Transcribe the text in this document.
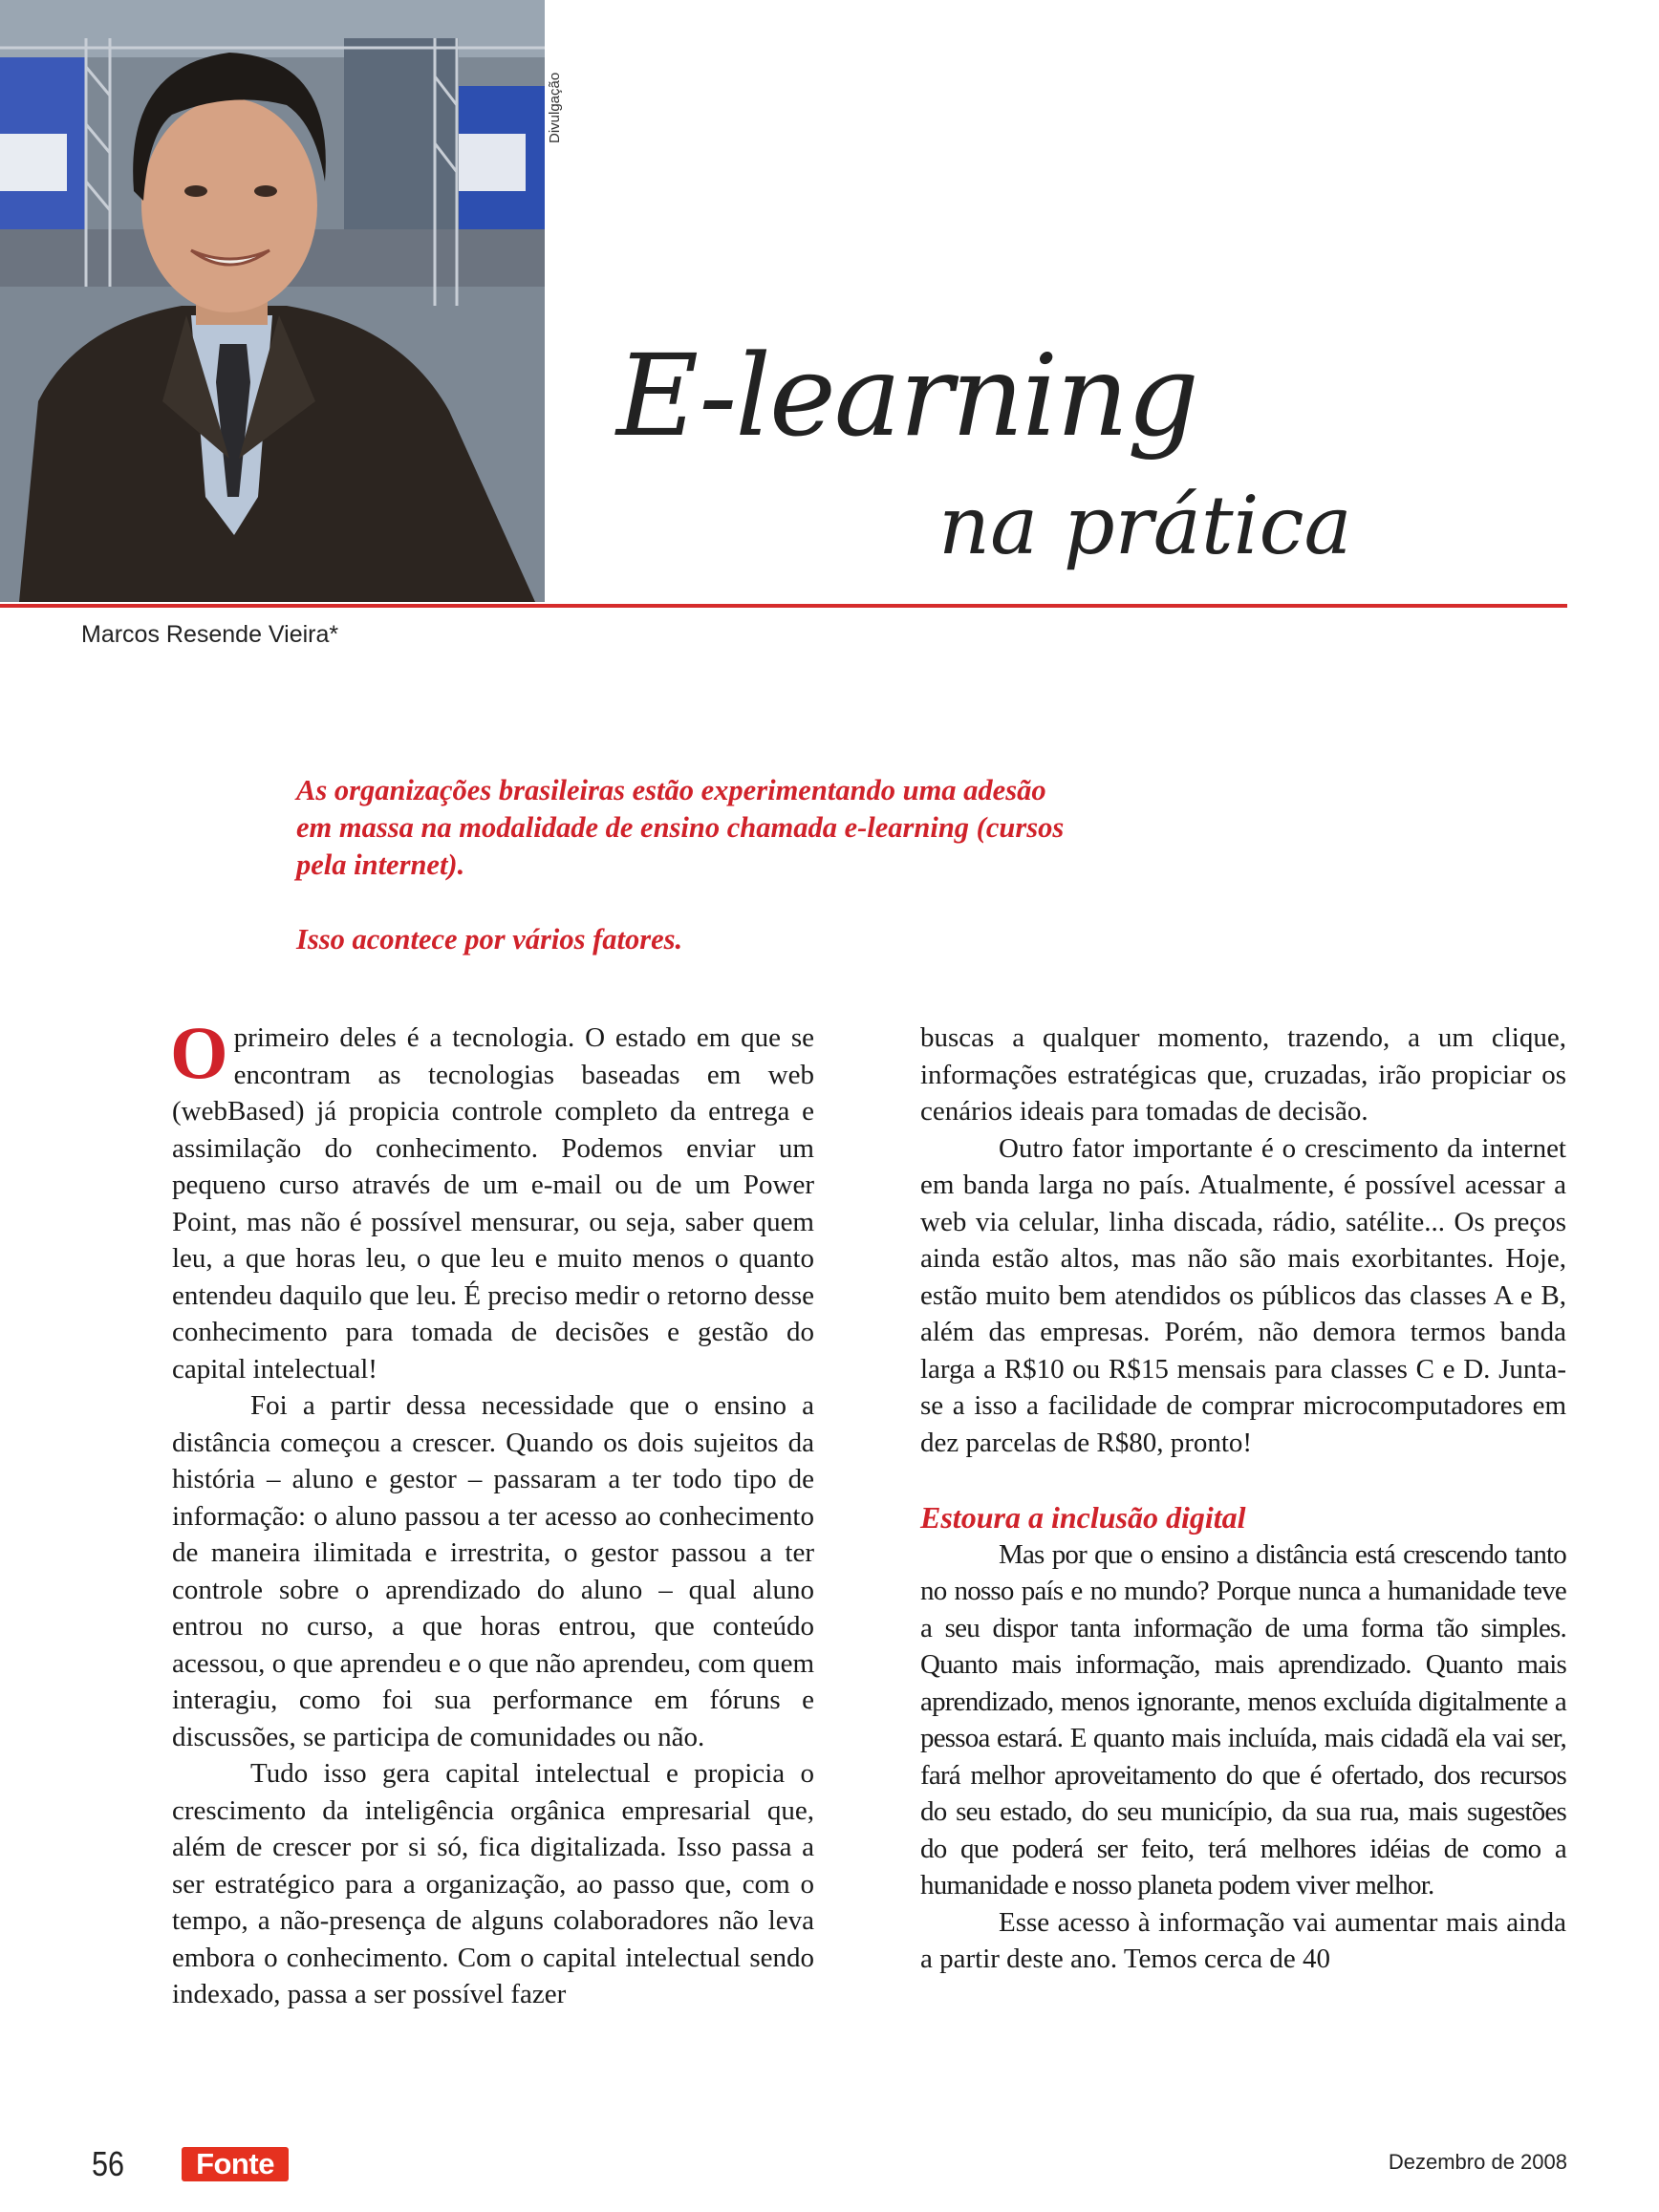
Divulgação
E-learning
na prática
Marcos Resende Vieira*

As organizações brasileiras estão experimentando uma adesão em massa na modalidade de ensino chamada e-learning (cursos pela internet).

Isso acontece por vários fatores.

Oprimeiro deles é a tecnologia. O estado em que se encontram as tecnologias baseadas em web (webBased) já propicia controle completo da entrega e assimilação do conhecimento. Podemos enviar um pequeno curso através de um e-mail ou de um Power Point, mas não é possível mensurar, ou seja, saber quem leu, a que horas leu, o que leu e muito menos o quanto entendeu daquilo que leu. É preciso medir o retorno desse conhecimento para tomada de decisões e gestão do capital intelectual!

Foi a partir dessa necessidade que o ensino a distância começou a crescer. Quando os dois sujeitos da história – aluno e gestor – passaram a ter todo tipo de informação: o aluno passou a ter acesso ao conhecimento de maneira ilimitada e irrestrita, o gestor passou a ter controle sobre o aprendizado do aluno – qual aluno entrou no curso, a que horas entrou, que conteúdo acessou, o que aprendeu e o que não aprendeu, com quem interagiu, como foi sua performance em fóruns e discussões, se participa de comunidades ou não.

Tudo isso gera capital intelectual e propicia o crescimento da inteligência orgânica empresarial que, além de crescer por si só, fica digitalizada. Isso passa a ser estratégico para a organização, ao passo que, com o tempo, a não-presença de alguns colaboradores não leva embora o conhecimento. Com o capital intelectual sendo indexado, passa a ser possível fazer

buscas a qualquer momento, trazendo, a um clique, informações estratégicas que, cruzadas, irão propiciar os cenários ideais para tomadas de decisão.

Outro fator importante é o crescimento da internet em banda larga no país. Atualmente, é possível acessar a web via celular, linha discada, rádio, satélite... Os preços ainda estão altos, mas não são mais exorbitantes. Hoje, estão muito bem atendidos os públicos das classes A e B, além das empresas. Porém, não demora termos banda larga a R$10 ou R$15 mensais para classes C e D. Junta-se a isso a facilidade de comprar microcomputadores em dez parcelas de R$80, pronto!

Estoura a inclusão digital

Mas por que o ensino a distância está crescendo tanto no nosso país e no mundo? Porque nunca a humanidade teve a seu dispor tanta informação de uma forma tão simples. Quanto mais informação, mais aprendizado. Quanto mais aprendizado, menos ignorante, menos excluída digitalmente a pessoa estará. E quanto mais incluída, mais cidadã ela vai ser, fará melhor aproveitamento do que é ofertado, dos recursos do seu estado, do seu município, da sua rua, mais sugestões do que poderá ser feito, terá melhores idéias de como a humanidade e nosso planeta podem viver melhor.

Esse acesso à informação vai aumentar mais ainda a partir deste ano. Temos cerca de 40

56	Fonte	Dezembro de 2008
